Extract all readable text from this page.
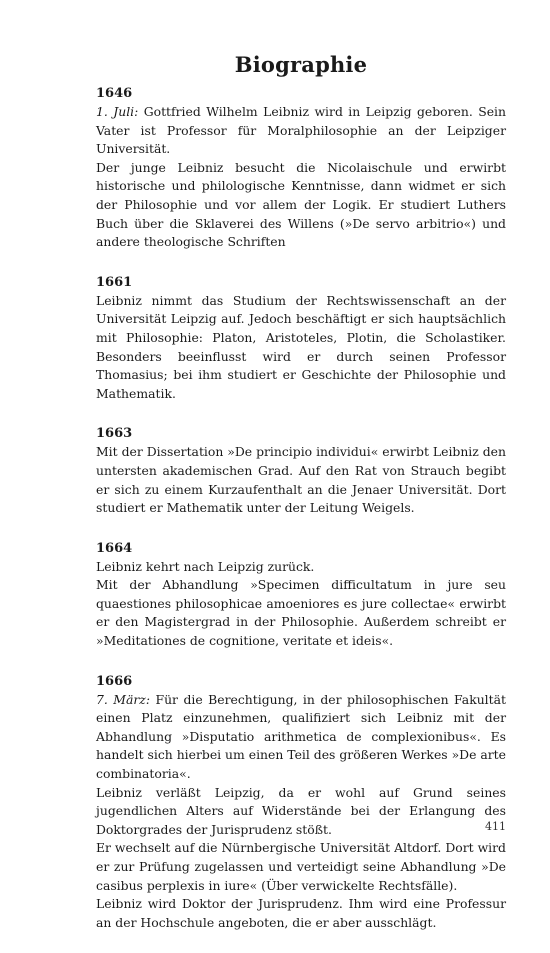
Biographie
1646

1. Juli: Gottfried Wilhelm Leibniz wird in Leipzig geboren. Sein Vater ist Professor für Moralphilosophie an der Leipziger Universität.

Der junge Leibniz besucht die Nicolaischule und erwirbt historische und philologische Kenntnisse, dann widmet er sich der Philosophie und vor allem der Logik. Er studiert Luthers Buch über die Sklaverei des Willens (»De servo arbitrio«) und andere theologische Schriften

1661

Leibniz nimmt das Studium der Rechtswissenschaft an der Universität Leipzig auf. Jedoch beschäftigt er sich hauptsächlich mit Philosophie: Platon, Aristoteles, Plotin, die Scholastiker. Besonders beeinflusst wird er durch seinen Professor Thomasius; bei ihm studiert er Geschichte der Philosophie und Mathematik.

1663

Mit der Dissertation »De principio individui« erwirbt Leibniz den untersten akademischen Grad. Auf den Rat von Strauch begibt er sich zu einem Kurzaufenthalt an die Jenaer Universität. Dort studiert er Mathematik unter der Leitung Weigels.

1664

Leibniz kehrt nach Leipzig zurück.

Mit der Abhandlung »Specimen difficultatum in jure seu quaestiones philosophicae amoeniores es jure collectae« erwirbt er den Magistergrad in der Philosophie. Außerdem schreibt er »Meditationes de cognitione, veritate et ideis«.

1666

7. März: Für die Berechtigung, in der philosophischen Fakultät einen Platz einzunehmen, qualifiziert sich Leibniz mit der Abhandlung »Disputatio arithmetica de complexionibus«. Es handelt sich hierbei um einen Teil des größeren Werkes »De arte combinatoria«.

Leibniz verläßt Leipzig, da er wohl auf Grund seines jugendlichen Alters auf Widerstände bei der Erlangung des Doktorgrades der Jurisprudenz stößt.

Er wechselt auf die Nürnbergische Universität Altdorf. Dort wird er zur Prüfung zugelassen und verteidigt seine Abhandlung »De casibus perplexis in iure« (Über verwickelte Rechtsfälle).

Leibniz wird Doktor der Jurisprudenz. Ihm wird eine Professur an der Hochschule angeboten, die er aber ausschlägt.

411
